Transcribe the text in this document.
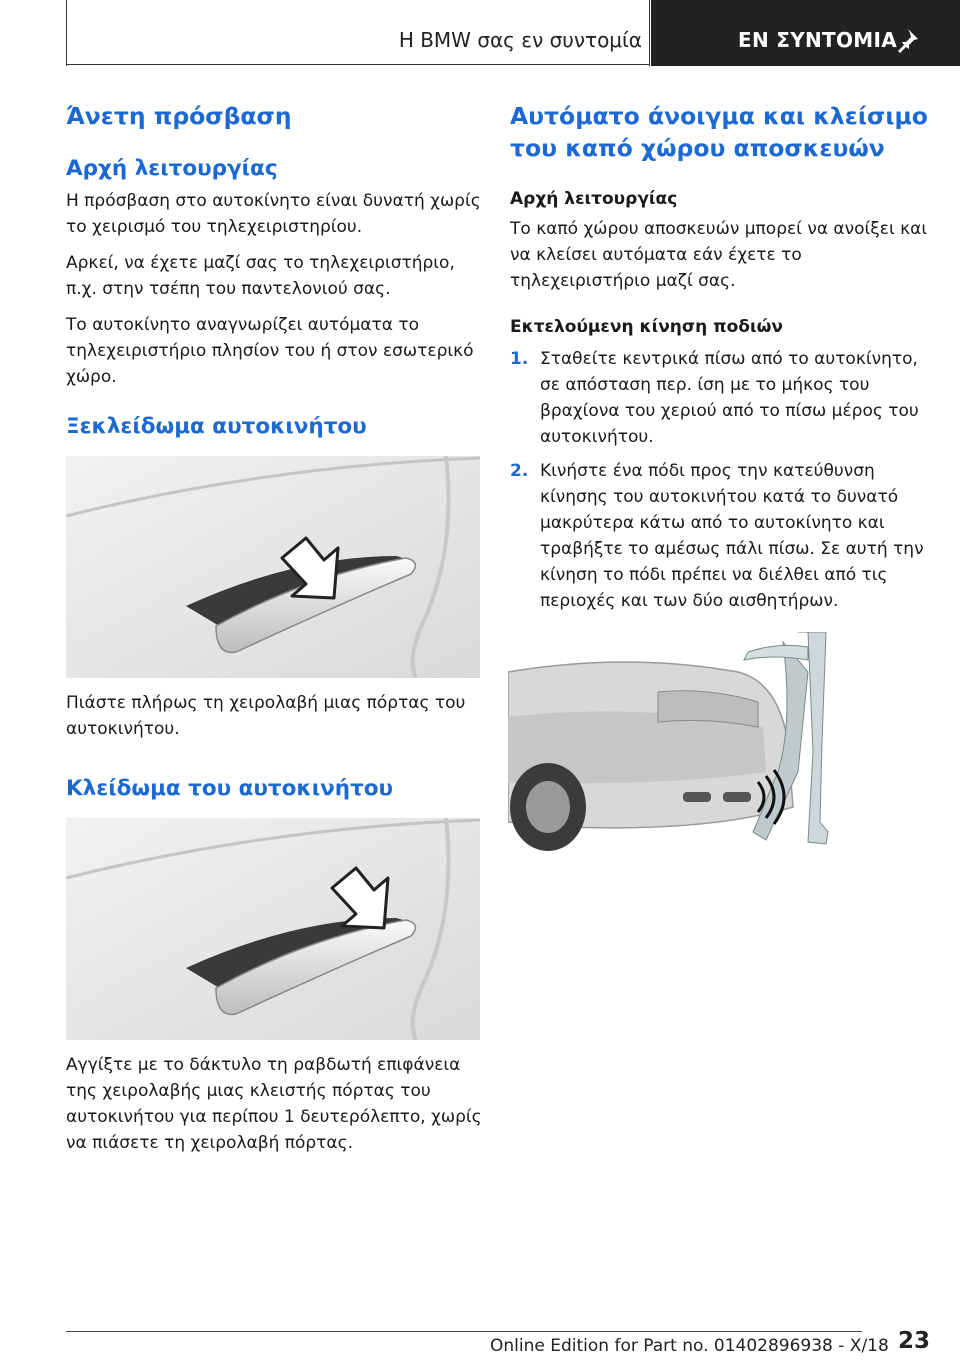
Η BMW σας εν συντομία	ΕΝ ΣΥΝΤΟΜΙΑ
Άνετη πρόσβαση
Αρχή λειτουργίας

Η πρόσβαση στο αυτοκίνητο είναι δυνατή χωρίς το χειρισμό του τηλεχειριστηρίου.

Αρκεί, να έχετε μαζί σας το τηλεχειριστήριο, π.χ. στην τσέπη του παντελονιού σας.

Το αυτοκίνητο αναγνωρίζει αυτόματα το τηλεχειριστήριο πλησίον του ή στον εσωτερικό χώρο.

Ξεκλείδωμα αυτοκινήτου

Πιάστε πλήρως τη χειρολαβή μιας πόρτας του αυτοκινήτου.

Κλείδωμα του αυτοκινήτου

Αγγίξτε με το δάκτυλο τη ραβδωτή επιφάνεια της χειρολαβής μιας κλειστής πόρτας του αυτοκινήτου για περίπου 1 δευτερόλεπτο, χωρίς να πιάσετε τη χειρολαβή πόρτας.

Αυτόματο άνοιγμα και κλείσιμο του καπό χώρου αποσκευών
Αρχή λειτουργίας

Το καπό χώρου αποσκευών μπορεί να ανοίξει και να κλείσει αυτόματα εάν έχετε το τηλεχειριστήριο μαζί σας.

Εκτελούμενη κίνηση ποδιών
1. Σταθείτε κεντρικά πίσω από το αυτοκίνητο, σε απόσταση περ. ίση με το μήκος του βραχίονα του χεριού από το πίσω μέρος του αυτοκινήτου.
2. Κινήστε ένα πόδι προς την κατεύθυνση κίνησης του αυτοκινήτου κατά το δυνατό μακρύτερα κάτω από το αυτοκίνητο και τραβήξτε το αμέσως πάλι πίσω. Σε αυτή την κίνηση το πόδι πρέπει να διέλθει από τις περιοχές και των δύο αισθητήρων.
23
Online Edition for Part no. 01402896938 - X/18
